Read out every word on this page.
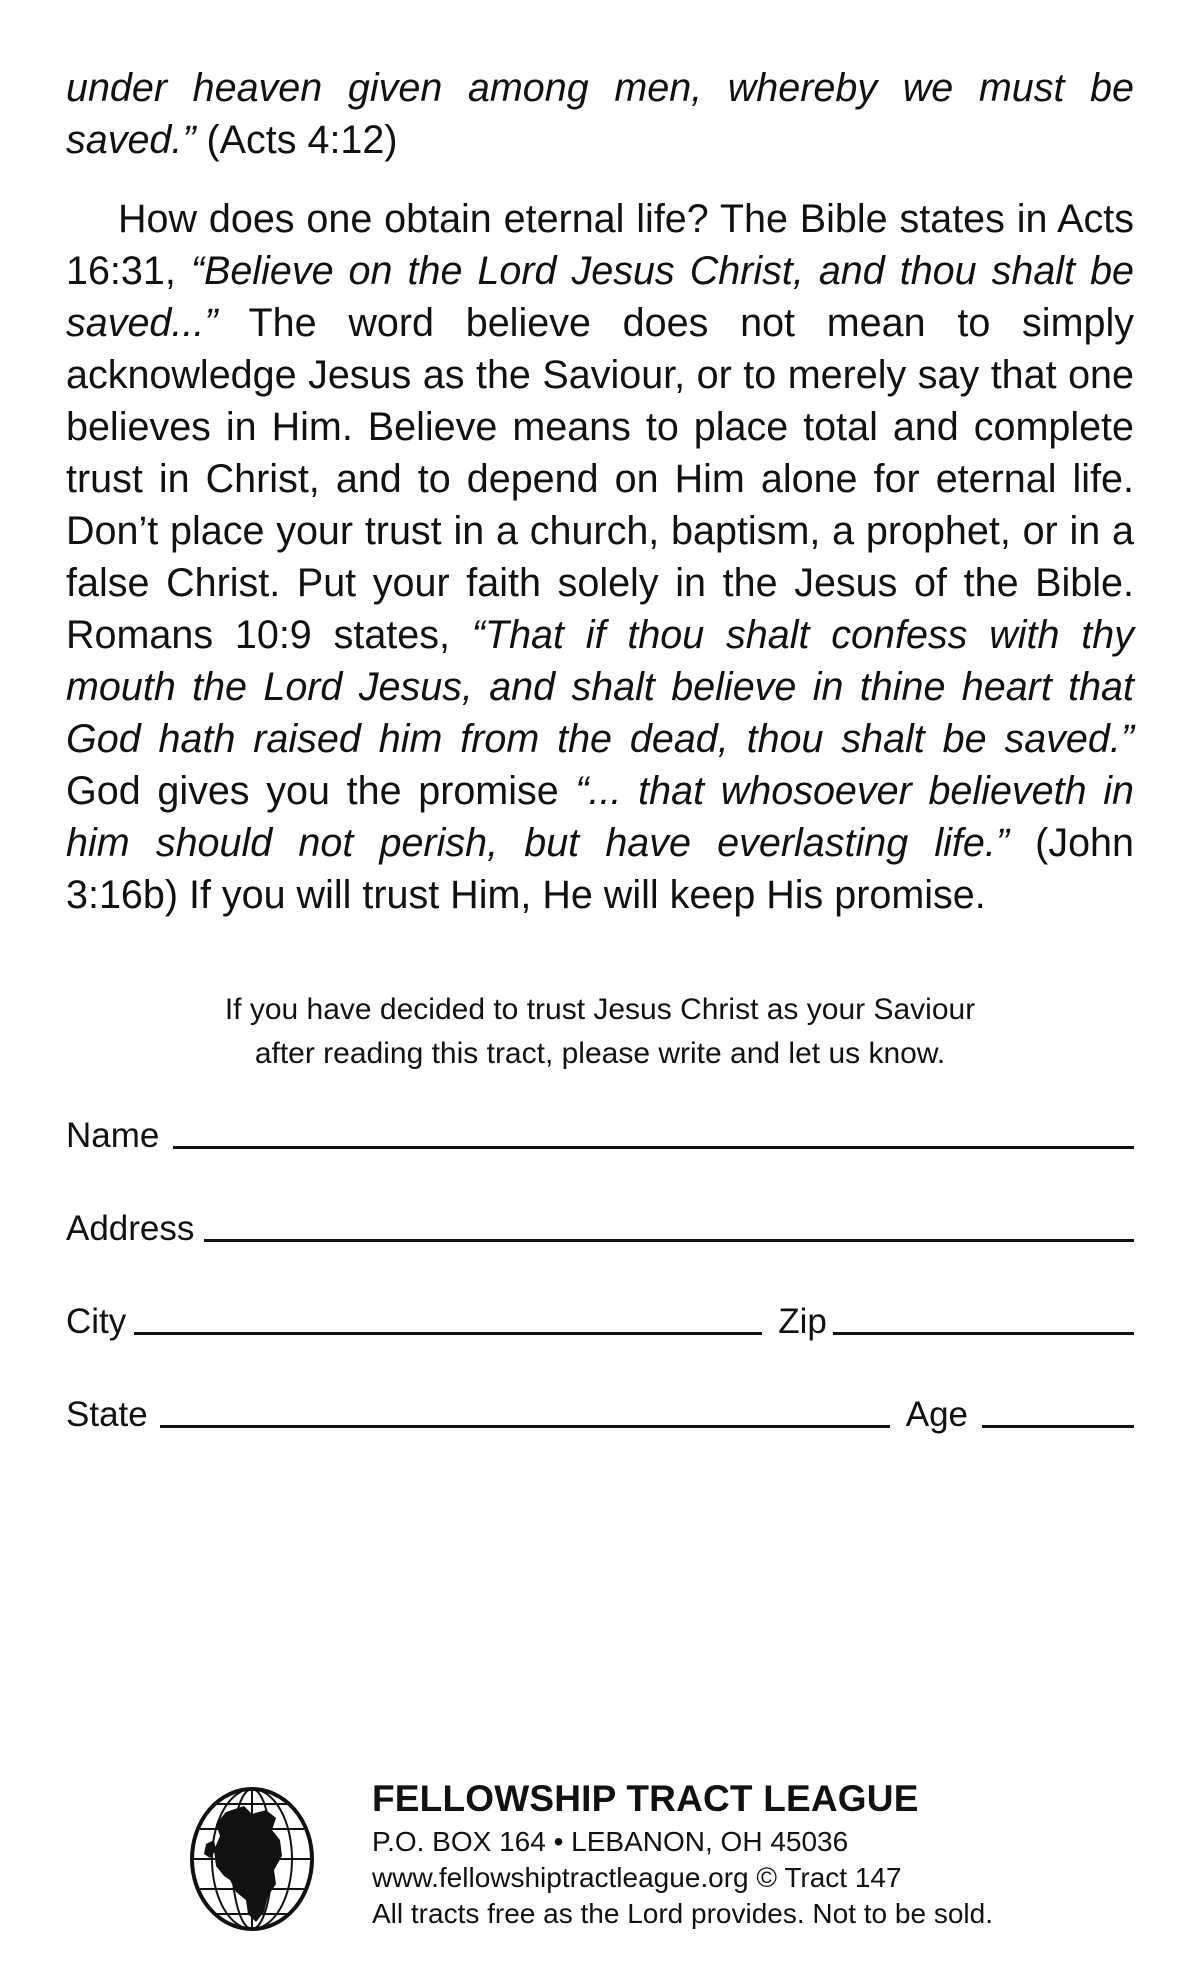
under heaven given among men, whereby we must be saved.” (Acts 4:12)

How does one obtain eternal life? The Bible states in Acts 16:31, “Believe on the Lord Jesus Christ, and thou shalt be saved...” The word believe does not mean to simply acknowledge Jesus as the Saviour, or to merely say that one believes in Him. Believe means to place total and complete trust in Christ, and to depend on Him alone for eternal life. Don’t place your trust in a church, baptism, a prophet, or in a false Christ. Put your faith solely in the Jesus of the Bible. Romans 10:9 states, “That if thou shalt confess with thy mouth the Lord Jesus, and shalt believe in thine heart that God hath raised him from the dead, thou shalt be saved.” God gives you the promise “... that whosoever believeth in him should not perish, but have everlasting life.” (John 3:16b) If you will trust Him, He will keep His promise.

If you have decided to trust Jesus Christ as your Saviour
after reading this tract, please write and let us know.

Name
Address
City	Zip
State	Age
FELLOWSHIP TRACT LEAGUE
P.O. BOX 164 • LEBANON, OH 45036
www.fellowshiptractleague.org © Tract 147
All tracts free as the Lord provides. Not to be sold.
